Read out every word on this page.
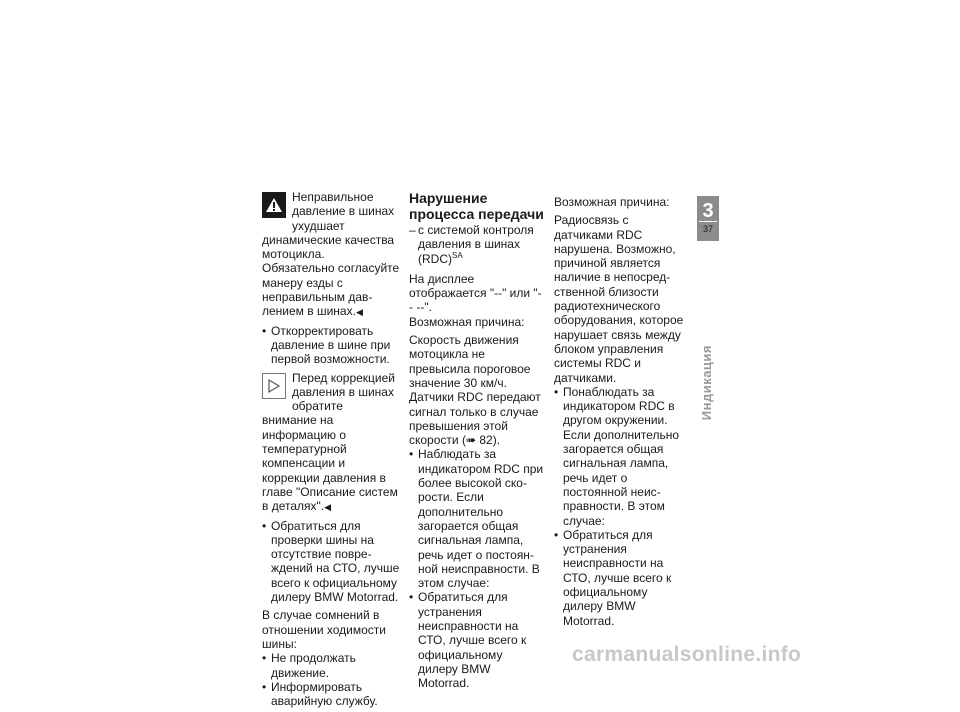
Неправильное давление в шинах ухудшает динамические качества мотоцикла. Обязательно согласуйте манерy езды с неправильным давлением в шинах.◀

• Откорректировать давление в шине при первой возможности.

Перед коррекцией давления в шинах обратите внимание на информацию о температурной компенсации и коррекции давления в главе "Описание систем в деталях".◀

• Обратиться для проверки шины на отсутствие повреждений на СТО, лучше всего к официальному дилеру BMW Motorrad.

В случае сомнений в отношении ходимости шины:

• Не продолжать движение.
• Информировать аварийную службу.
Нарушение процесса передачи
– с системой контроля давления в шинах (RDC)$^{SA}$

На дисплее отображается "--" или "-- --".

Возможная причина:

Скорость движения мотоцикла не превысила пороговое значение 30 км/ч. Датчики RDC передают сигнал только в случае превышения этой скорости (➠ 82).

• Наблюдать за индикатором RDC при более высокой скорости. Если дополнительно загорается общая сигнальная лампа, речь идет о постоянной неисправности. В этом случае:
• Обратиться для устранения неисправности на СТО, лучше всего к официальному дилеру BMW Motorrad.

Возможная причина:

Радиосвязь с датчиками RDC нарушена. Возможно, причиной является наличие в непосредственной близости радиотехнического оборудования, которое нарушает связь между блоком управления системы RDC и датчиками.

• Понаблюдать за индикатором RDC в другом окружении. Если дополнительно загорается общая сигнальная лампа, речь идет о постоянной неисправности. В этом случае:
• Обратиться для устранения неисправности на СТО, лучше всего к официальному дилеру BMW Motorrad.
3
37
Индикация
carmanualsonline.info
